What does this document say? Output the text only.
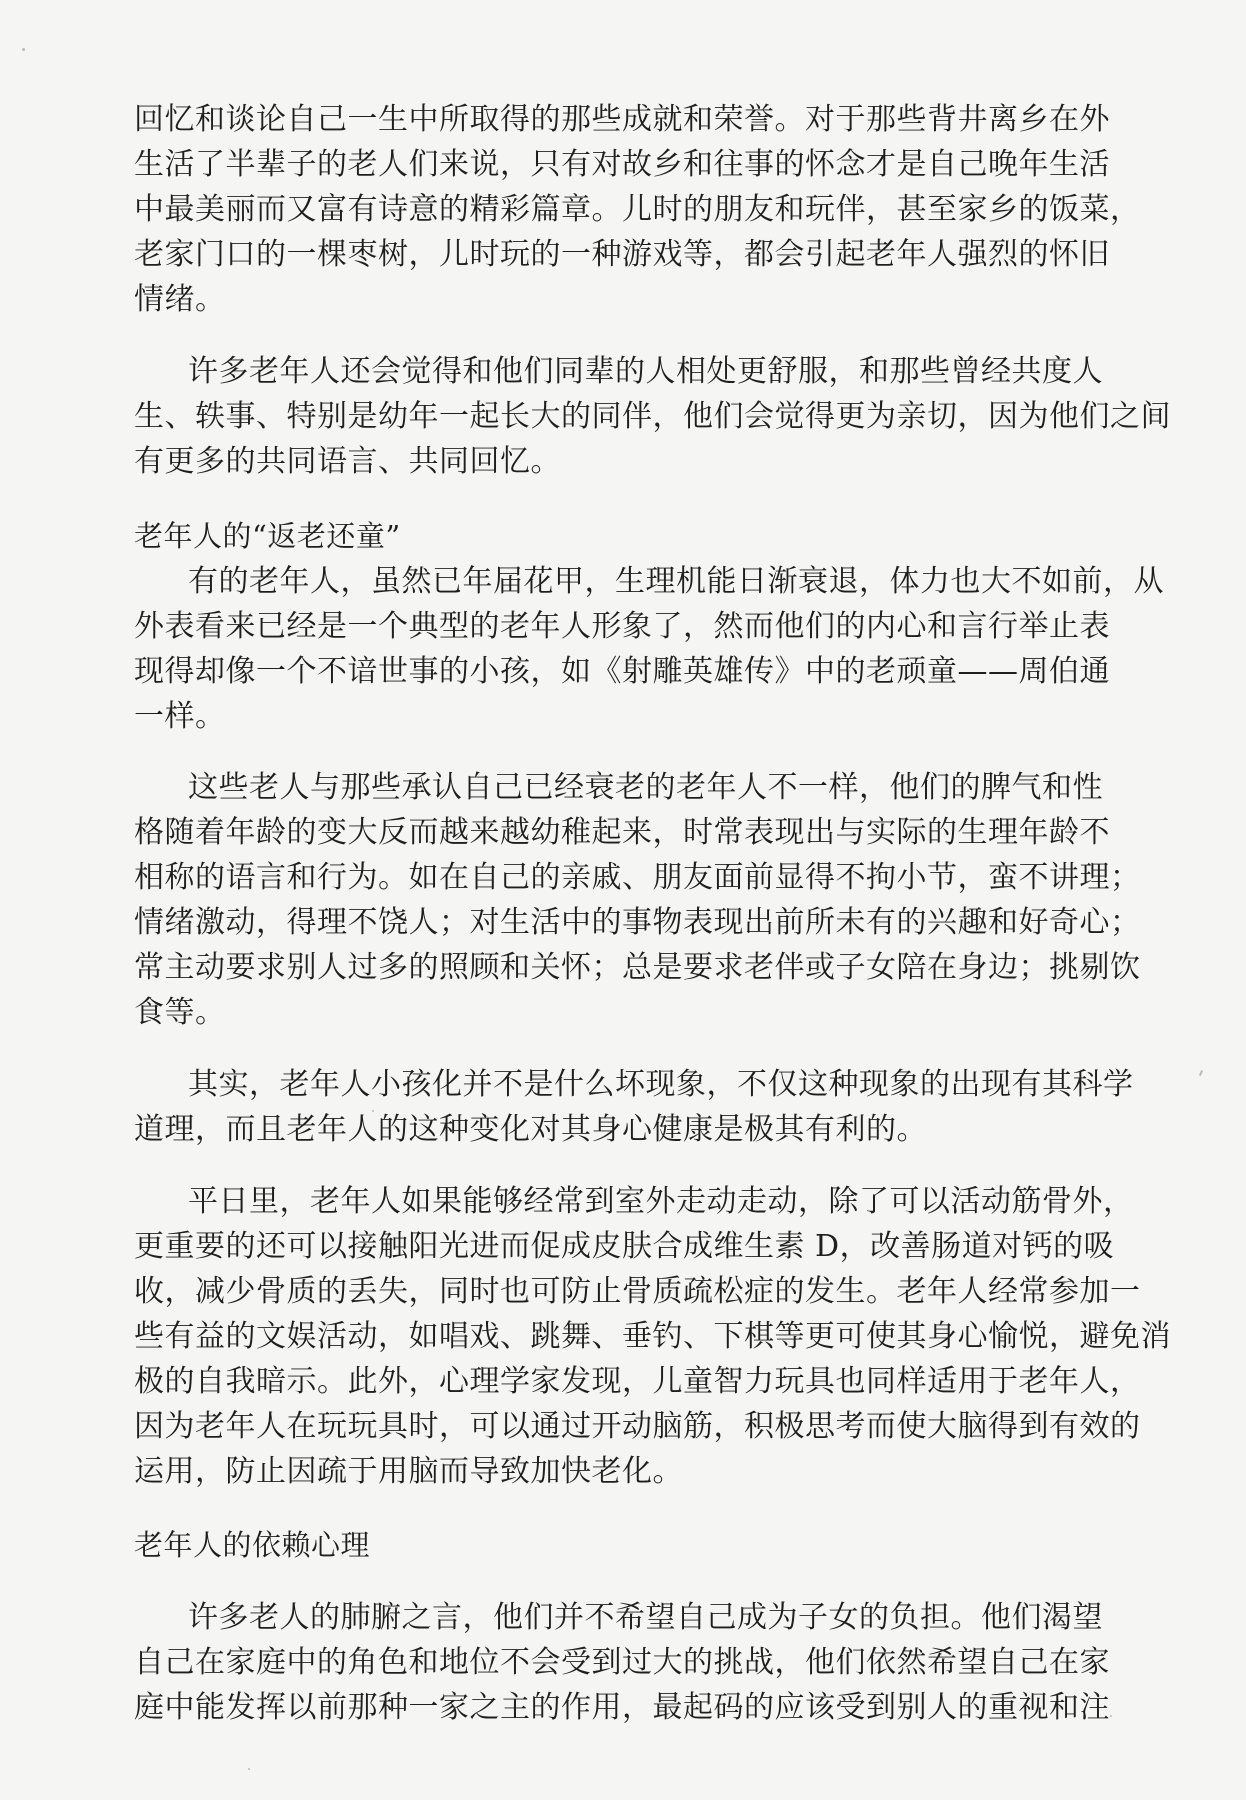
回忆和谈论自己一生中所取得的那些成就和荣誉。对于那些背井离乡在外
生活了半辈子的老人们来说，只有对故乡和往事的怀念才是自己晚年生活
中最美丽而又富有诗意的精彩篇章。儿时的朋友和玩伴，甚至家乡的饭菜，
老家门口的一棵枣树，儿时玩的一种游戏等，都会引起老年人强烈的怀旧
情绪。
许多老年人还会觉得和他们同辈的人相处更舒服，和那些曾经共度人
生、轶事、特别是幼年一起长大的同伴，他们会觉得更为亲切，因为他们之间
有更多的共同语言、共同回忆。
老年人的“返老还童”
有的老年人，虽然已年届花甲，生理机能日渐衰退，体力也大不如前，从
外表看来已经是一个典型的老年人形象了，然而他们的内心和言行举止表
现得却像一个不谙世事的小孩，如《射雕英雄传》中的老顽童——周伯通
一样。
这些老人与那些承认自己已经衰老的老年人不一样，他们的脾气和性
格随着年龄的变大反而越来越幼稚起来，时常表现出与实际的生理年龄不
相称的语言和行为。如在自己的亲戚、朋友面前显得不拘小节，蛮不讲理；
情绪激动，得理不饶人；对生活中的事物表现出前所未有的兴趣和好奇心；
常主动要求别人过多的照顾和关怀；总是要求老伴或子女陪在身边；挑剔饮
食等。
其实，老年人小孩化并不是什么坏现象，不仅这种现象的出现有其科学
道理，而且老年人的这种变化对其身心健康是极其有利的。
平日里，老年人如果能够经常到室外走动走动，除了可以活动筋骨外，
更重要的还可以接触阳光进而促成皮肤合成维生素 D，改善肠道对钙的吸
收，减少骨质的丢失，同时也可防止骨质疏松症的发生。老年人经常参加一
些有益的文娱活动，如唱戏、跳舞、垂钓、下棋等更可使其身心愉悦，避免消
极的自我暗示。此外，心理学家发现，儿童智力玩具也同样适用于老年人，
因为老年人在玩玩具时，可以通过开动脑筋，积极思考而使大脑得到有效的
运用，防止因疏于用脑而导致加快老化。
老年人的依赖心理
许多老人的肺腑之言，他们并不希望自己成为子女的负担。他们渴望
自己在家庭中的角色和地位不会受到过大的挑战，他们依然希望自己在家
庭中能发挥以前那种一家之主的作用，最起码的应该受到别人的重视和注
